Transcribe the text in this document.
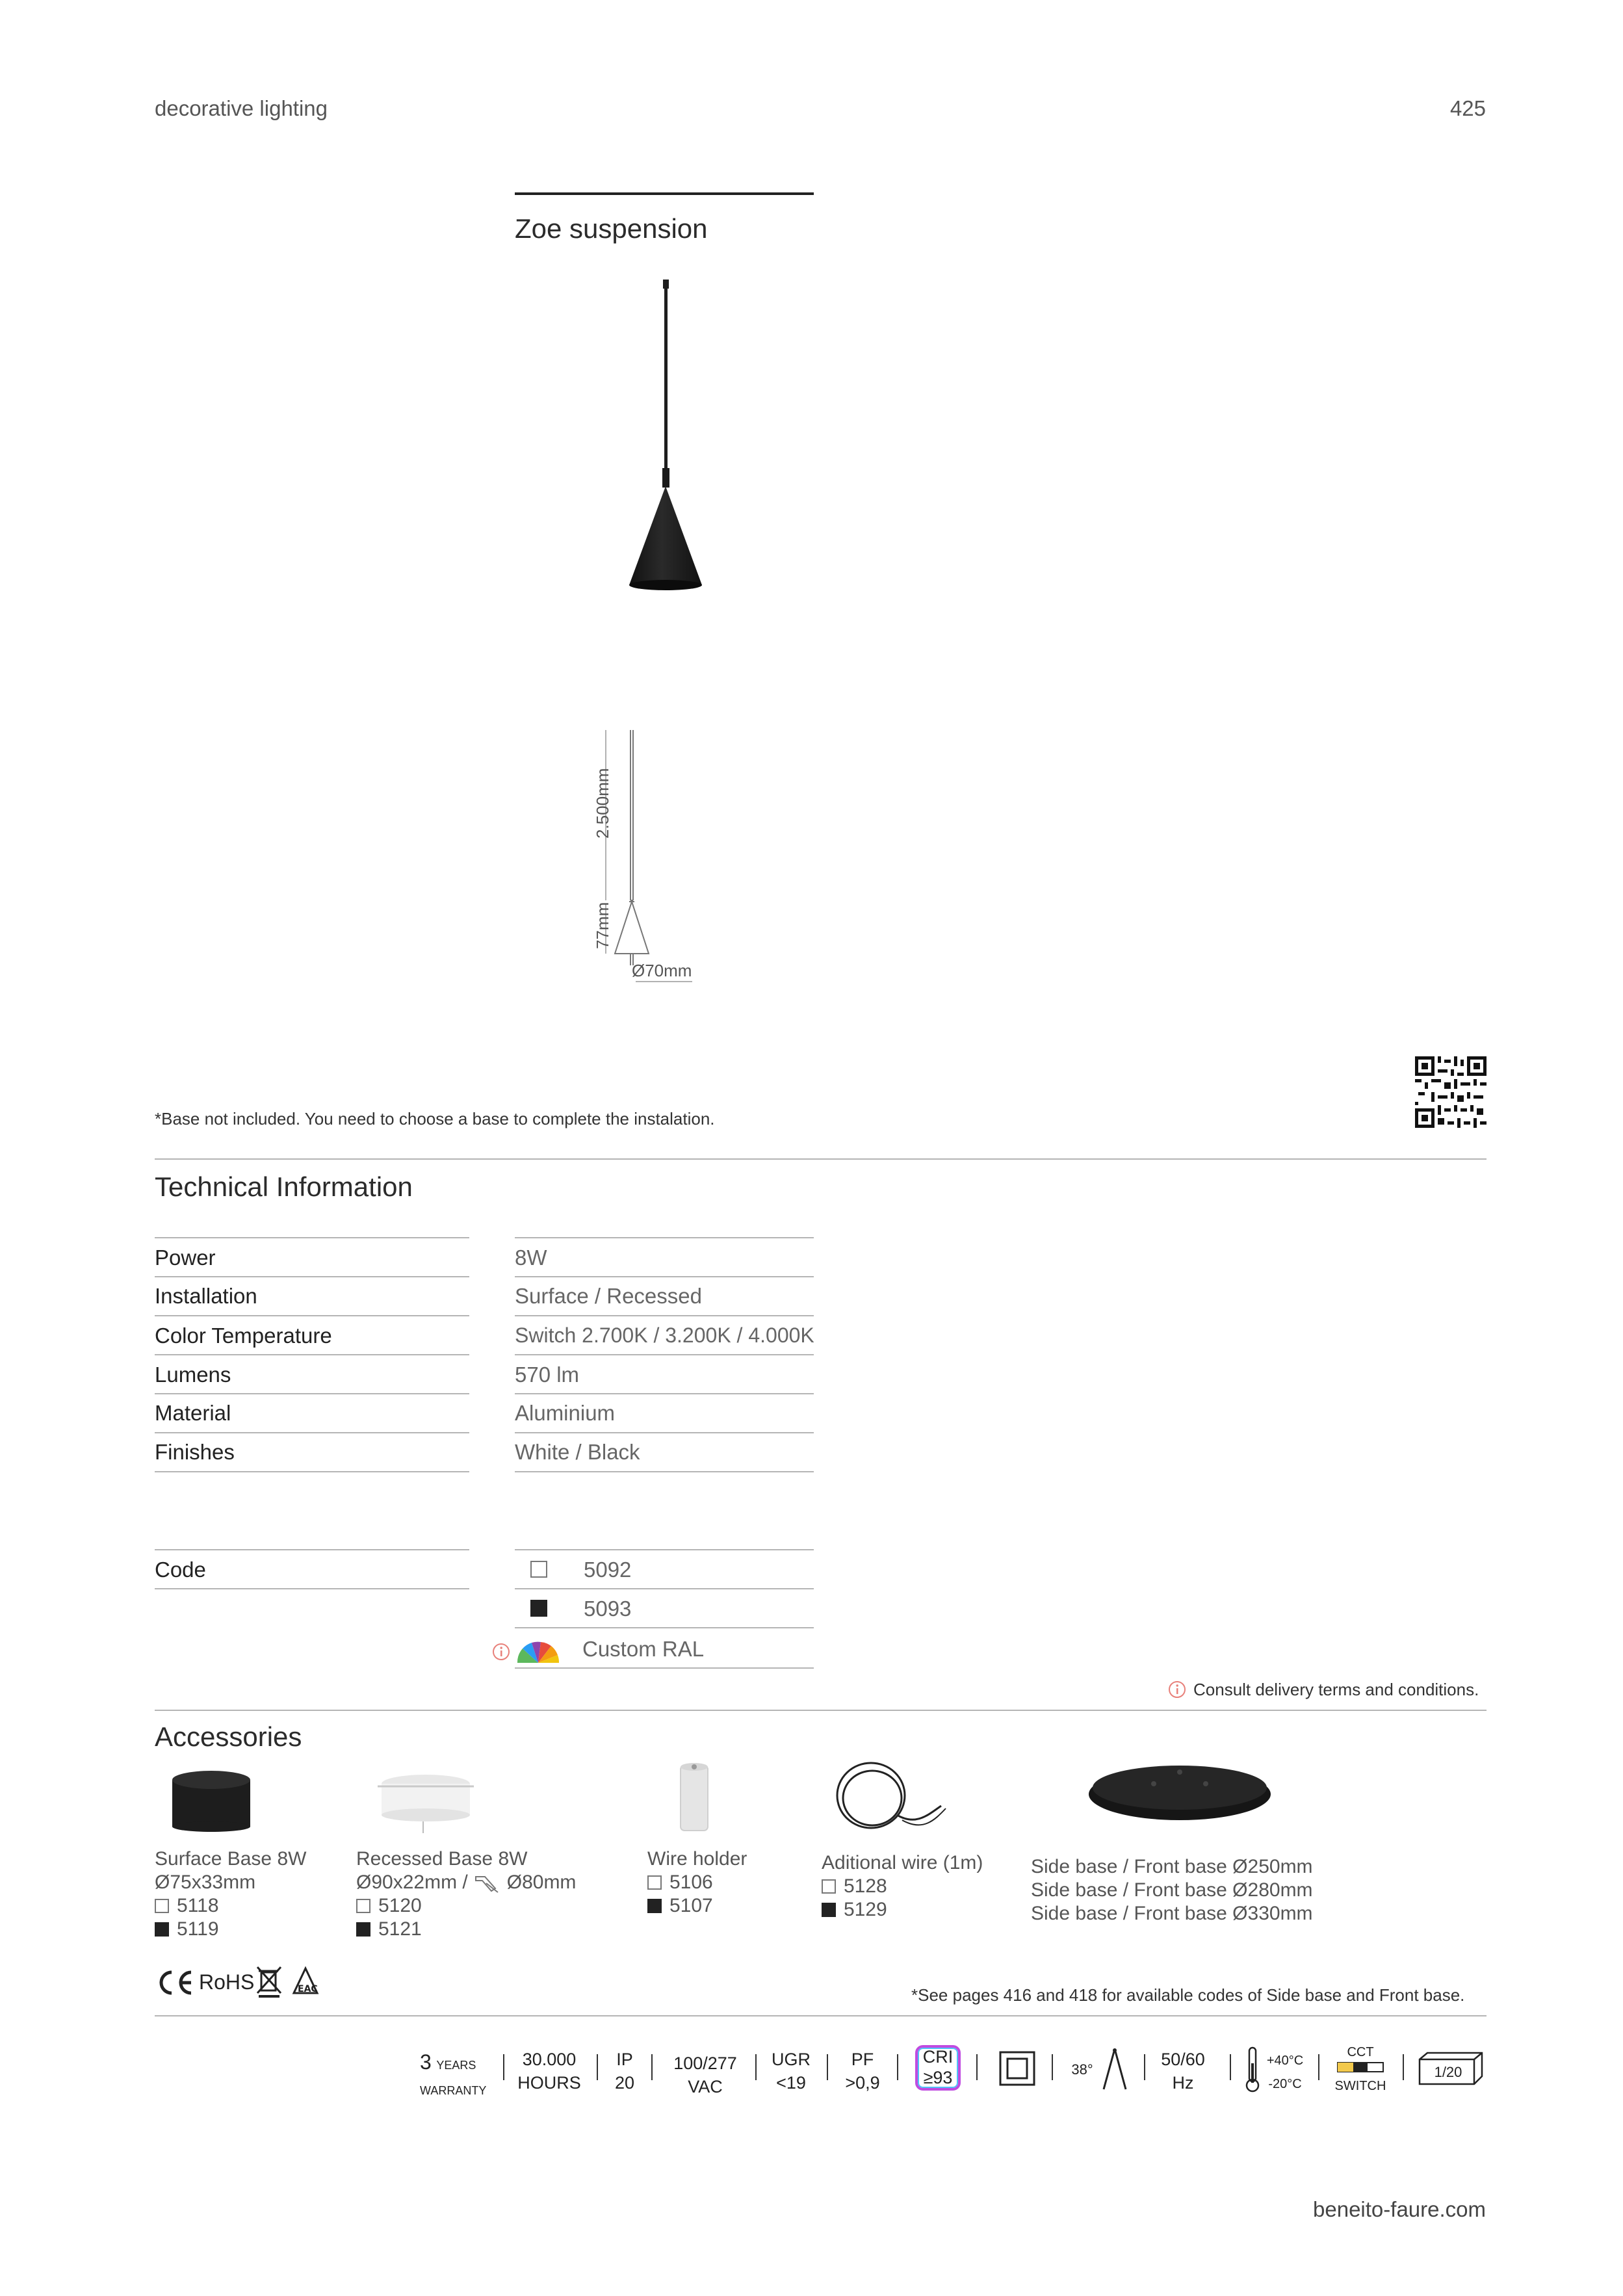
decorative lighting	425
Zoe suspension
2.500mm
77mm
Ø70mm
*Base not included. You need to choose a base to complete the instalation.
Technical Information
Power	8W
Installation	Surface / Recessed
Color Temperature	Switch 2.700K / 3.200K / 4.000K
Lumens	570 lm
Material	Aluminium
Finishes	White / Black
Code	5092
5093
Custom RAL
Consult delivery terms and conditions.
Accessories
Surface Base 8W
Ø75x33mm
5118
5119
Recessed Base 8W
Ø90x22mm / Ø80mm
5120
5121
Wire holder
5106
5107
Aditional wire (1m)
5128
5129
Side base / Front base Ø250mm
Side base / Front base Ø280mm
Side base / Front base Ø330mm
RoHS	EAC	*See pages 416 and 418 for available codes of Side base and Front base.
3 YEARS
WARRANTY
30.000
HOURS
IP
20
100/277
VAC
UGR
<19
PF
>0,9
CRI
≥93	38°
50/60
Hz
+40°C
-20°C
CCT
SWITCH
1/20
beneito-faure.com
